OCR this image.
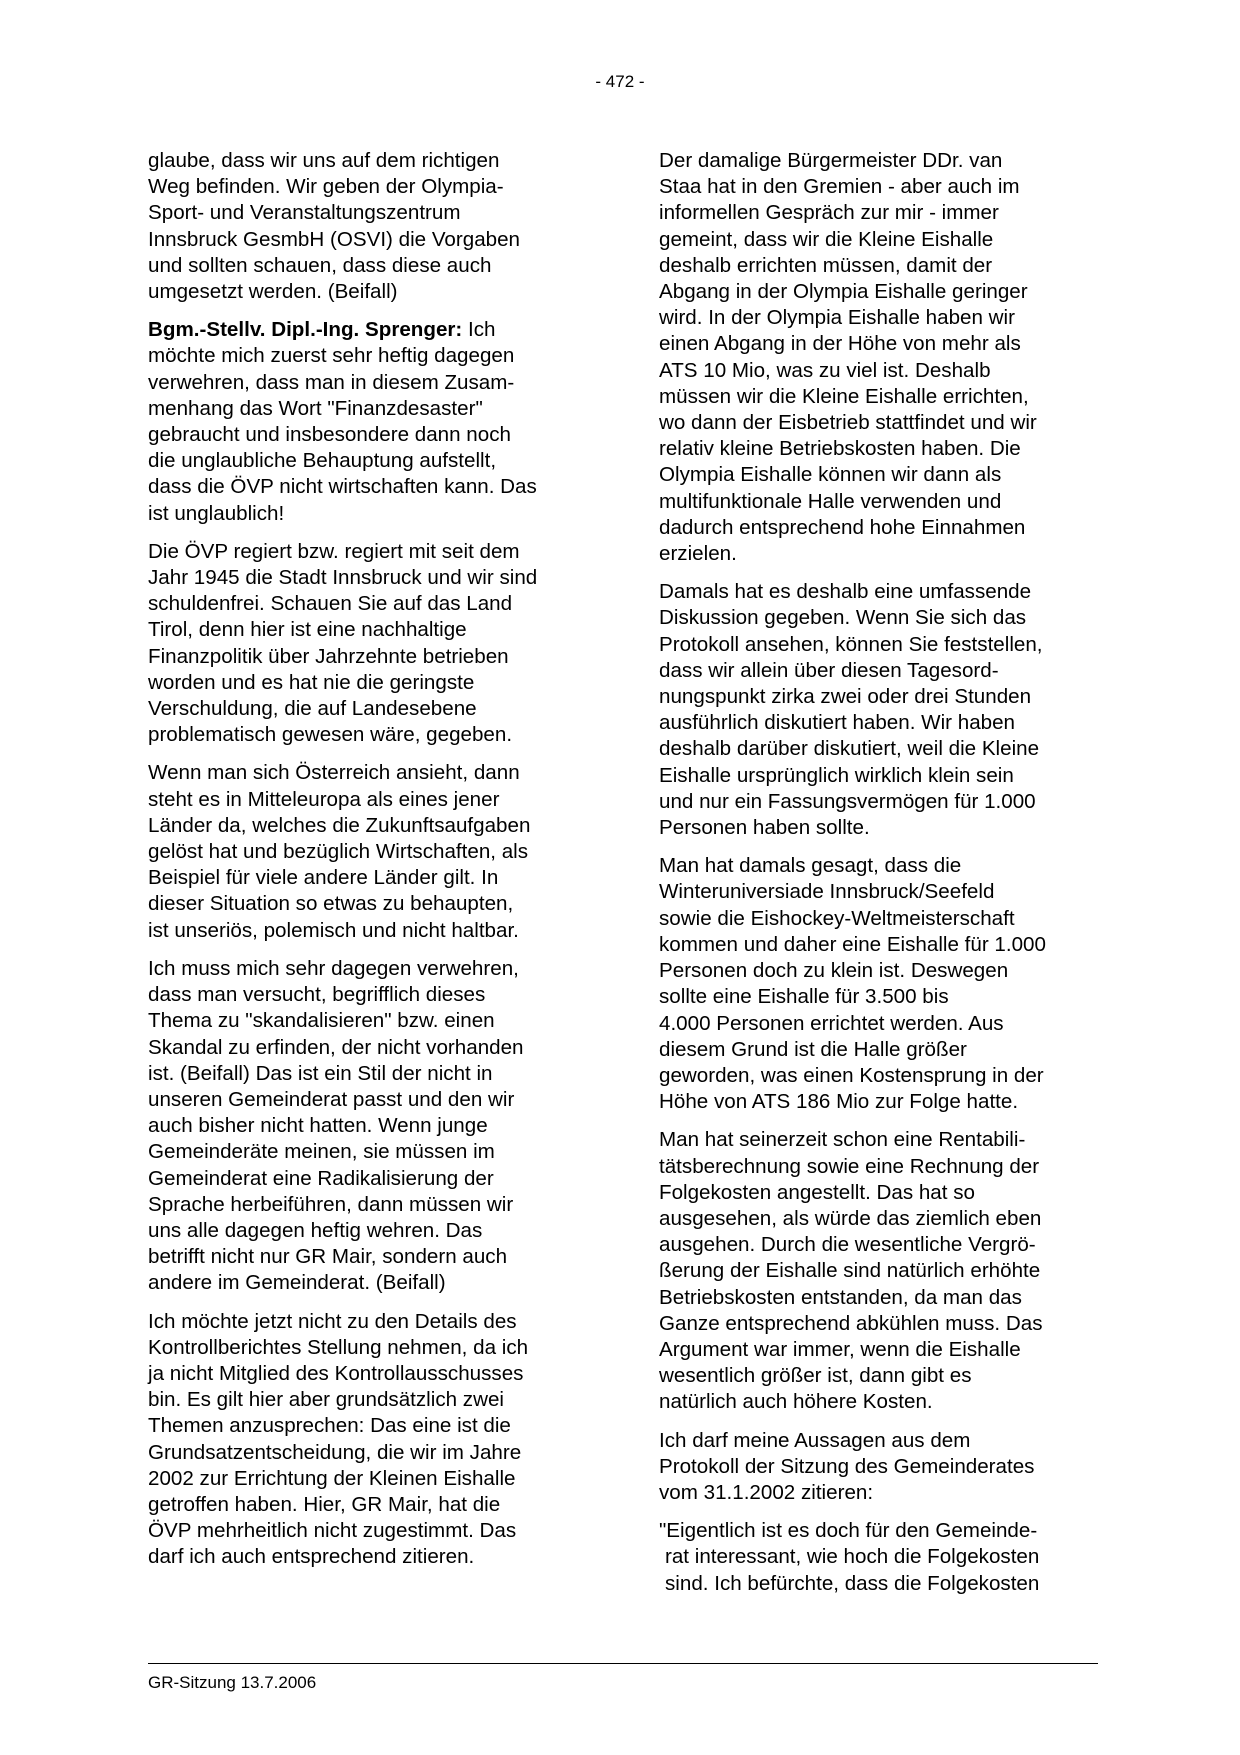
- 472 -
glaube, dass wir uns auf dem richtigen
Weg befinden. Wir geben der Olympia-
Sport- und Veranstaltungszentrum
Innsbruck GesmbH (OSVI) die Vorgaben
und sollten schauen, dass diese auch
umgesetzt werden. (Beifall)
Bgm.-Stellv. Dipl.-Ing. Sprenger: Ich
möchte mich zuerst sehr heftig dagegen
verwehren, dass man in diesem Zusam-
menhang das Wort "Finanzdesaster"
gebraucht und insbesondere dann noch
die unglaubliche Behauptung aufstellt,
dass die ÖVP nicht wirtschaften kann. Das
ist unglaublich!
Die ÖVP regiert bzw. regiert mit seit dem
Jahr 1945 die Stadt Innsbruck und wir sind
schuldenfrei. Schauen Sie auf das Land
Tirol, denn hier ist eine nachhaltige
Finanzpolitik über Jahrzehnte betrieben
worden und es hat nie die geringste
Verschuldung, die auf Landesebene
problematisch gewesen wäre, gegeben.
Wenn man sich Österreich ansieht, dann
steht es in Mitteleuropa als eines jener
Länder da, welches die Zukunftsaufgaben
gelöst hat und bezüglich Wirtschaften, als
Beispiel für viele andere Länder gilt. In
dieser Situation so etwas zu behaupten,
ist unseriös, polemisch und nicht haltbar.
Ich muss mich sehr dagegen verwehren,
dass man versucht, begrifflich dieses
Thema zu "skandalisieren" bzw. einen
Skandal zu erfinden, der nicht vorhanden
ist. (Beifall) Das ist ein Stil der nicht in
unseren Gemeinderat passt und den wir
auch bisher nicht hatten. Wenn junge
Gemeinderäte meinen, sie müssen im
Gemeinderat eine Radikalisierung der
Sprache herbeiführen, dann müssen wir
uns alle dagegen heftig wehren. Das
betrifft nicht nur GR Mair, sondern auch
andere im Gemeinderat. (Beifall)
Ich möchte jetzt nicht zu den Details des
Kontrollberichtes Stellung nehmen, da ich
ja nicht Mitglied des Kontrollausschusses
bin. Es gilt hier aber grundsätzlich zwei
Themen anzusprechen: Das eine ist die
Grundsatzentscheidung, die wir im Jahre
2002 zur Errichtung der Kleinen Eishalle
getroffen haben. Hier, GR Mair, hat die
ÖVP mehrheitlich nicht zugestimmt. Das
darf ich auch entsprechend zitieren.
Der damalige Bürgermeister DDr. van
Staa hat in den Gremien - aber auch im
informellen Gespräch zur mir - immer
gemeint, dass wir die Kleine Eishalle
deshalb errichten müssen, damit der
Abgang in der Olympia Eishalle geringer
wird. In der Olympia Eishalle haben wir
einen Abgang in der Höhe von mehr als
ATS 10 Mio, was zu viel ist. Deshalb
müssen wir die Kleine Eishalle errichten,
wo dann der Eisbetrieb stattfindet und wir
relativ kleine Betriebskosten haben. Die
Olympia Eishalle können wir dann als
multifunktionale Halle verwenden und
dadurch entsprechend hohe Einnahmen
erzielen.
Damals hat es deshalb eine umfassende
Diskussion gegeben. Wenn Sie sich das
Protokoll ansehen, können Sie feststellen,
dass wir allein über diesen Tagesord-
nungspunkt zirka zwei oder drei Stunden
ausführlich diskutiert haben. Wir haben
deshalb darüber diskutiert, weil die Kleine
Eishalle ursprünglich wirklich klein sein
und nur ein Fassungsvermögen für 1.000
Personen haben sollte.
Man hat damals gesagt, dass die
Winteruniversiade Innsbruck/Seefeld
sowie die Eishockey-Weltmeisterschaft
kommen und daher eine Eishalle für 1.000
Personen doch zu klein ist. Deswegen
sollte eine Eishalle für 3.500 bis
4.000 Personen errichtet werden. Aus
diesem Grund ist die Halle größer
geworden, was einen Kostensprung in der
Höhe von ATS 186 Mio zur Folge hatte.
Man hat seinerzeit schon eine Rentabili-
tätsberechnung sowie eine Rechnung der
Folgekosten angestellt. Das hat so
ausgesehen, als würde das ziemlich eben
ausgehen. Durch die wesentliche Vergrö-
ßerung der Eishalle sind natürlich erhöhte
Betriebskosten entstanden, da man das
Ganze entsprechend abkühlen muss. Das
Argument war immer, wenn die Eishalle
wesentlich größer ist, dann gibt es
natürlich auch höhere Kosten.
Ich darf meine Aussagen aus dem
Protokoll der Sitzung des Gemeinderates
vom 31.1.2002 zitieren:
"Eigentlich ist es doch für den Gemeinde-
rat interessant, wie hoch die Folgekosten
sind. Ich befürchte, dass die Folgekosten
GR-Sitzung 13.7.2006
